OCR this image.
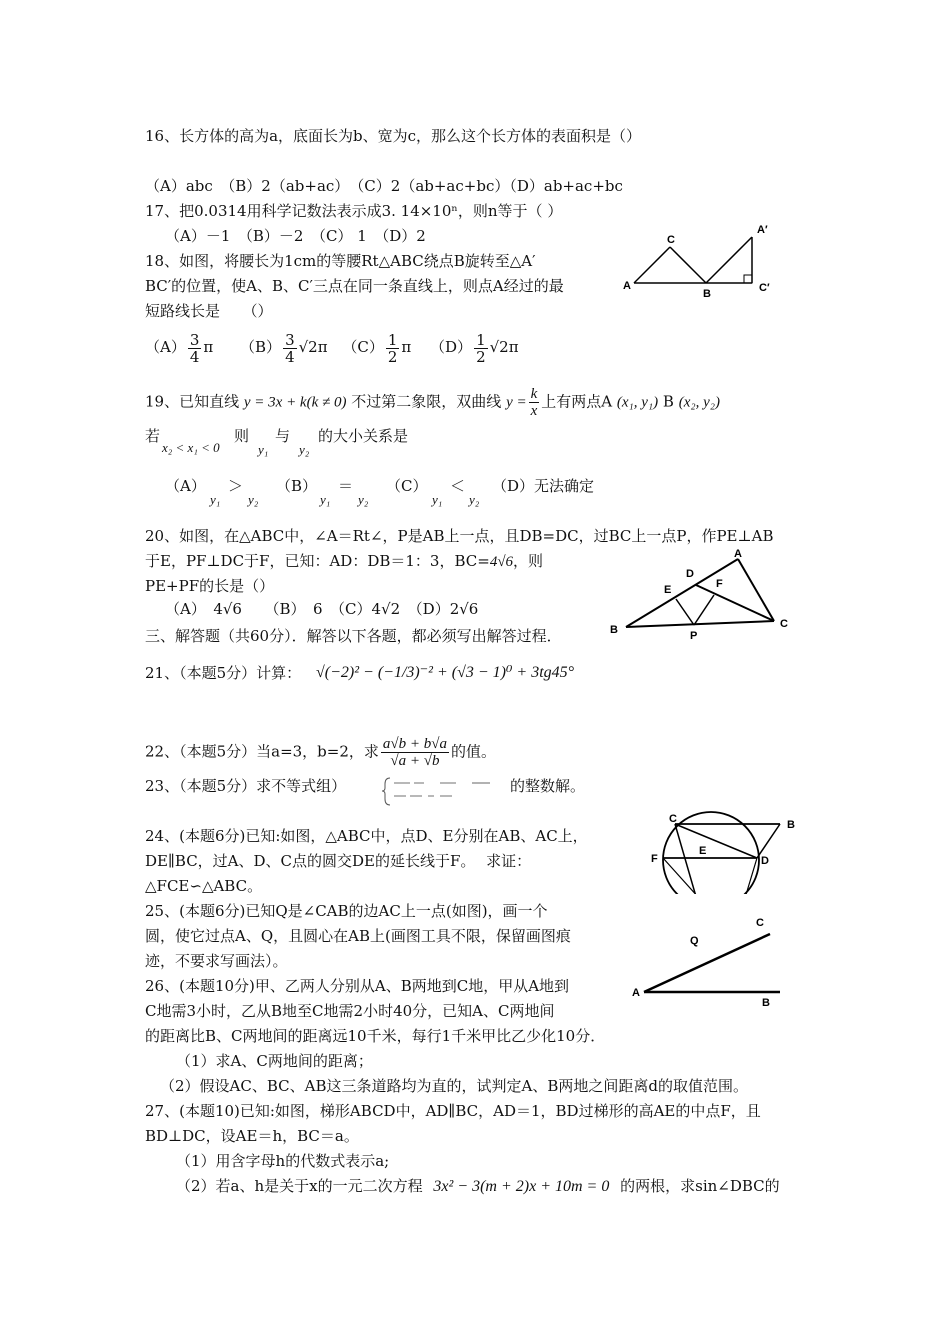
16、长方体的高为a，底面长为b、宽为c，那么这个长方体的表面积是（）
（A）abc　（B）2（ab+ac）　（C）2（ab+ac+bc）（D）ab+ac+bc
17、把0.0314用科学记数法表示成3. 14×10ⁿ，则n等于（ ）
（A）－1　（B）－2　（C） 1　（D）2
18、如图，将腰长为1cm的等腰Rt△ABC绕点B旋转至△A′
BC′的位置，使A、B、C′三点在同一条直线上，则点A经过的最
短路线长是　　（）
$(A) \frac{3}{4}$ π $(B) \frac{3}{4} √2\pi$ $(C) \frac{1}{2}$ π $(D) \frac{1}{2} √2\pi$
A
C
B
A′
C′
19、已知直线 y = 3x + k(k ≠ 0) 不过第二象限，双曲线 $y = \frac{k}{x}$ 上有两点A (x₁, y₁) B (x₂, y₂)
若
x₂ < x₁ < 0
则
y₁
与
y₂
的大小关系是
（A）
y₁
＞
y₂
（B）
y₁
＝
y₂
（C）
y₁
＜
y₂
（D）无法确定
20、如图，在△ABC中，∠A＝Rt∠，P是AB上一点，且DB=DC，过BC上一点P，作PE⊥AB
于E，PF⊥DC于F，已知：AD：DB＝1：3，BC=4√6，则
PE+PF的长是（）
（A）　4√6　　（B）　6　（C）4√2　（D）2√6
B
A
C
D
E	F
P
三、解答题（共60分）．解答以下各题，都必须写出解答过程．
21、（本题5分）计算： √(−2)² − (−1/3)⁻² + (√3 − 1)⁰ + 3tg45°
22、（本题5分）当a=3，b=2，求 $\frac{a√b + b√a}{√a + √b}$ 的值。
23、（本题5分）求不等式组）	的整数解。
24、(本题6分)已知:如图，△ABC中，点D、E分别在AB、AC上，
DE∥BC，过A、D、C点的圆交DE的延长线于F。 求证：
△FCE∽△ABC。
C	B
F
E
D
25、(本题6分)已知Q是∠CAB的边AC上一点(如图)，画一个
圆，使它过点A、Q，且圆心在AB上(画图工具不限，保留画图痕
迹，不要求写画法）。
C
Q
A
B
26、(本题10分)甲、乙两人分别从A、B两地到C地，甲从A地到
C地需3小时，乙从B地至C地需2小时40分，已知A、C两地间
的距离比B、C两地间的距离远10千米，每行1千米甲比乙少化10分．
（1）求A、C两地间的距离；
（2）假设AC、BC、AB这三条道路均为直的，试判定A、B两地之间距离d的取值范围。
27、(本题10)已知:如图，梯形ABCD中，AD∥BC，AD＝1，BD过梯形的高AE的中点F，且
BD⊥DC，设AE＝h，BC＝a。
（1）用含字母h的代数式表示a;
（2）若a、h是关于x的一元二次方程 3x² − 3(m + 2)x + 10m = 0 的两根，求sin∠DBC的
